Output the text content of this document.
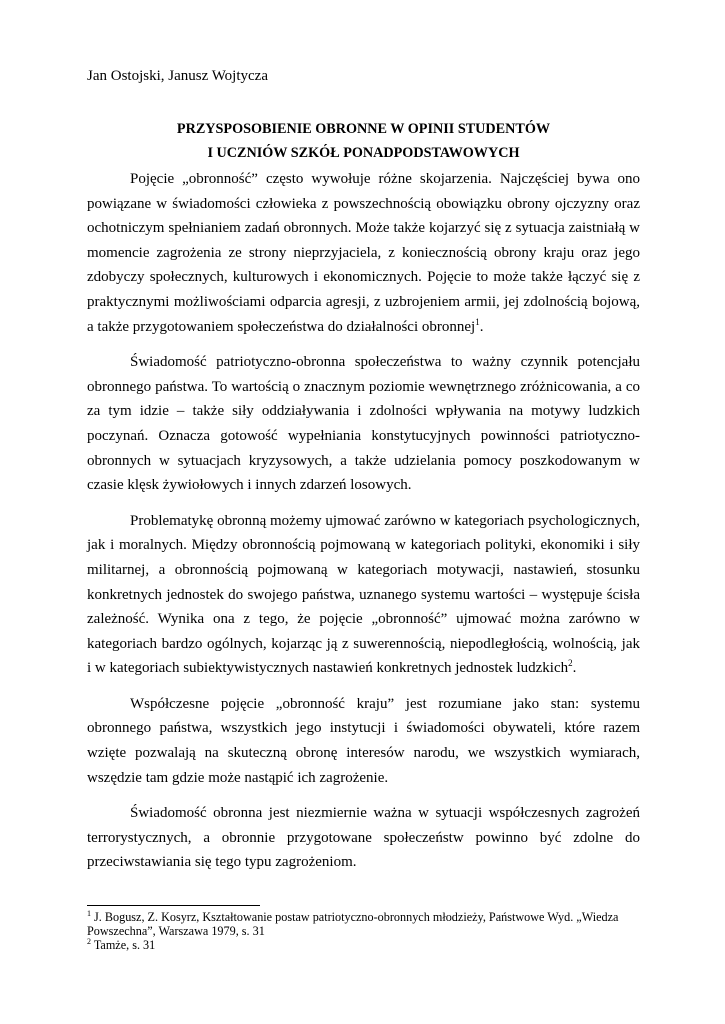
Jan Ostojski, Janusz Wojtycza
PRZYSPOSOBIENIE OBRONNE W OPINII STUDENTÓW
I UCZNIÓW SZKÓŁ PONADPODSTAWOWYCH

Pojęcie „obronność” często wywołuje różne skojarzenia. Najczęściej bywa ono powiązane w świadomości człowieka z powszechnością obowiązku obrony ojczyzny oraz ochotniczym spełnianiem zadań obronnych. Może także kojarzyć się z sytuacja zaistniałą w momencie zagrożenia ze strony nieprzyjaciela, z koniecznością obrony kraju oraz jego zdobyczy społecznych, kulturowych i ekonomicznych. Pojęcie to może także łączyć się z praktycznymi możliwościami odparcia agresji, z uzbrojeniem armii, jej zdolnością bojową, a także przygotowaniem społeczeństwa do działalności obronnej$^1$.

Świadomość patriotyczno-obronna społeczeństwa to ważny czynnik potencjału obronnego państwa. To wartością o znacznym poziomie wewnętrznego zróżnicowania, a co za tym idzie – także siły oddziaływania i zdolności wpływania na motywy ludzkich poczynań. Oznacza gotowość wypełniania konstytucyjnych powinności patriotyczno-obronnych w sytuacjach kryzysowych, a także udzielania pomocy poszkodowanym w czasie klęsk żywiołowych i innych zdarzeń losowych.

Problematykę obronną możemy ujmować zarówno w kategoriach psychologicznych, jak i moralnych. Między obronnością pojmowaną w kategoriach polityki, ekonomiki i siły militarnej, a obronnością pojmowaną w kategoriach motywacji, nastawień, stosunku konkretnych jednostek do swojego państwa, uznanego systemu wartości – występuje ścisła zależność. Wynika ona z tego, że pojęcie „obronność” ujmować można zarówno w kategoriach bardzo ogólnych, kojarząc ją z suwerennością, niepodległością, wolnością, jak i w kategoriach subiektywistycznych nastawień konkretnych jednostek ludzkich$^2$.

Współczesne pojęcie „obronność kraju” jest rozumiane jako stan: systemu obronnego państwa, wszystkich jego instytucji i świadomości obywateli, które razem wzięte pozwalają na skuteczną obronę interesów narodu, we wszystkich wymiarach, wszędzie tam gdzie może nastąpić ich zagrożenie.

Świadomość obronna jest niezmiernie ważna w sytuacji współczesnych zagrożeń terrorystycznych, a obronnie przygotowane społeczeństw powinno być zdolne do przeciwstawiania się tego typu zagrożeniom.

$^1$ J. Bogusz, Z. Kosyrz, Kształtowanie postaw patriotyczno-obronnych młodzieży, Państwowe Wyd. „Wiedza Powszechna”, Warszawa 1979, s. 31

$^2$ Tamże, s. 31
